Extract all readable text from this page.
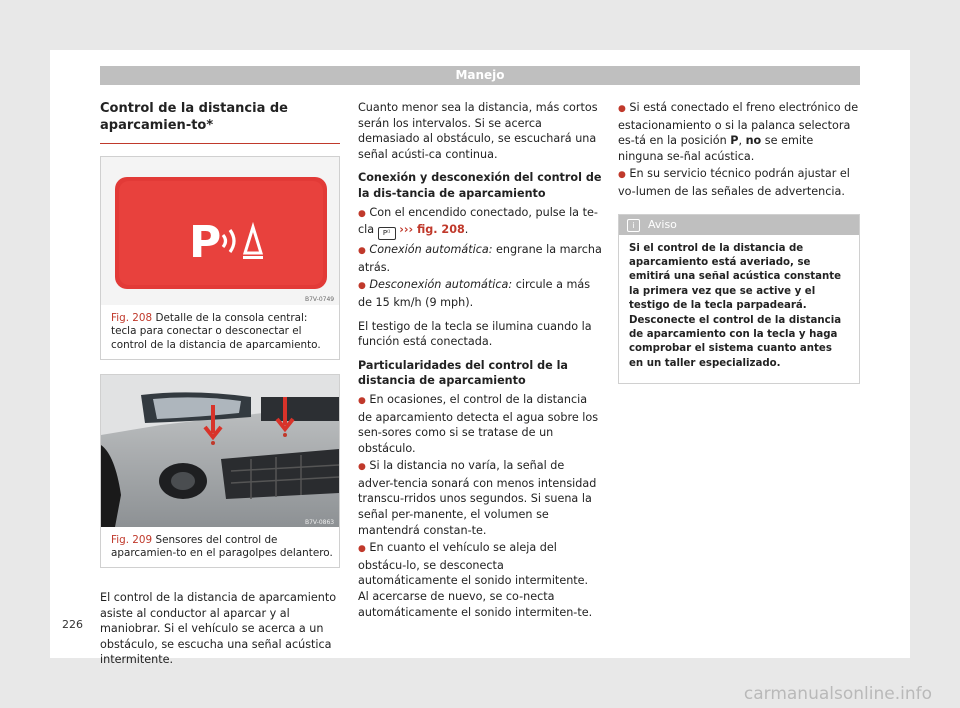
Manejo
Control de la distancia de aparcamien-to*
P
B7V-0749
Fig. 208 Detalle de la consola central: tecla para conectar o desconectar el control de la distancia de aparcamiento.
B7V-0863
Fig. 209 Sensores del control de aparcamien-to en el paragolpes delantero.

El control de la distancia de aparcamiento asiste al conductor al aparcar y al maniobrar. Si el vehículo se acerca a un obstáculo, se escucha una señal acústica intermitente.

Cuanto menor sea la distancia, más cortos serán los intervalos. Si se acerca demasiado al obstáculo, se escuchará una señal acústi-ca continua.

Conexión y desconexión del control de la dis-tancia de aparcamiento

● Con el encendido conectado, pulse la te-cla P⁽⁽ ››› fig. 208.
● Conexión automática: engrane la marcha atrás.
● Desconexión automática: circule a más de 15 km/h (9 mph).

El testigo de la tecla se ilumina cuando la función está conectada.

Particularidades del control de la distancia de aparcamiento

● En ocasiones, el control de la distancia de aparcamiento detecta el agua sobre los sen-sores como si se tratase de un obstáculo.
● Si la distancia no varía, la señal de adver-tencia sonará con menos intensidad transcu-rridos unos segundos. Si suena la señal per-manente, el volumen se mantendrá constan-te.
● En cuanto el vehículo se aleja del obstácu-lo, se desconecta automáticamente el sonido intermitente. Al acercarse de nuevo, se co-necta automáticamente el sonido intermiten-te.
● Si está conectado el freno electrónico de estacionamiento o si la palanca selectora es-tá en la posición P, no se emite ninguna se-ñal acústica.
● En su servicio técnico podrán ajustar el vo-lumen de las señales de advertencia.
i Aviso
Si el control de la distancia de aparcamiento está averiado, se emitirá una señal acústica constante la primera vez que se active y el testigo de la tecla parpadeará. Desconecte el control de la distancia de aparcamiento con la tecla y haga comprobar el sistema cuanto antes en un taller especializado.
226
carmanualsonline.info
